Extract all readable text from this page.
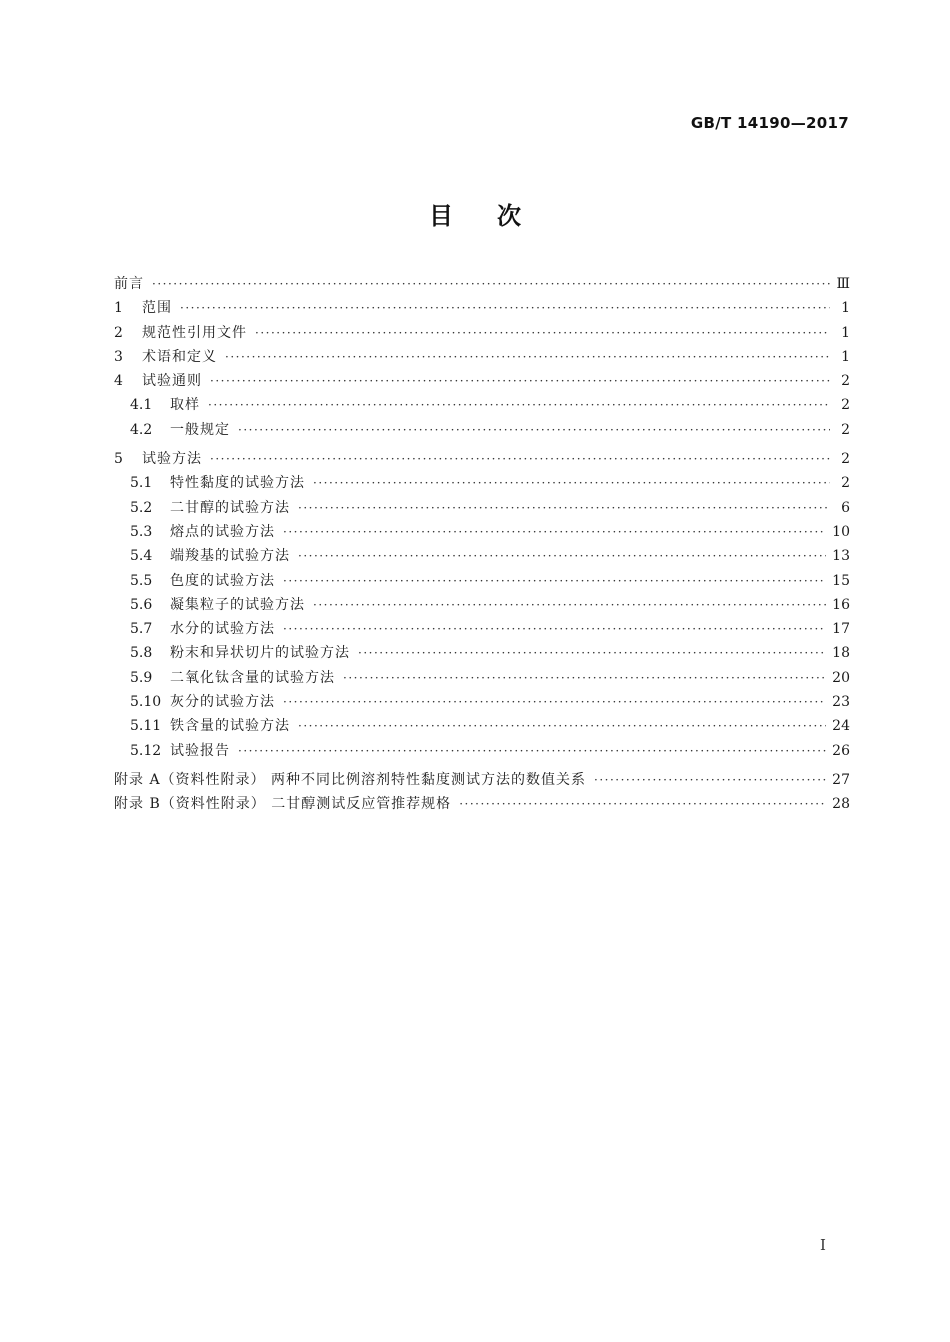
GB/T 14190—2017
目次
前言 ·····	Ⅲ
1	范围 ·····	1
2	规范性引用文件 ·····	1
3	术语和定义 ·····	1
4	试验通则 ·····	2
4.1	取样 ·····	2
4.2	一般规定 ·····	2
5	试验方法 ·····	2
5.1	特性黏度的试验方法 ·····	2
5.2	二甘醇的试验方法 ·····	6
5.3	熔点的试验方法 ·····	10
5.4	端羧基的试验方法 ·····	13
5.5	色度的试验方法 ·····	15
5.6	凝集粒子的试验方法 ·····	16
5.7	水分的试验方法 ·····	17
5.8	粉末和异状切片的试验方法 ·····	18
5.9	二氧化钛含量的试验方法 ·····	20
5.10 灰分的试验方法 ·····	23
5.11 铁含量的试验方法 ·····	24
5.12 试验报告 ·····	26
附录 A（资料性附录） 两种不同比例溶剂特性黏度测试方法的数值关系 ·····	27
附录 B（资料性附录） 二甘醇测试反应管推荐规格 ·····	28
I
